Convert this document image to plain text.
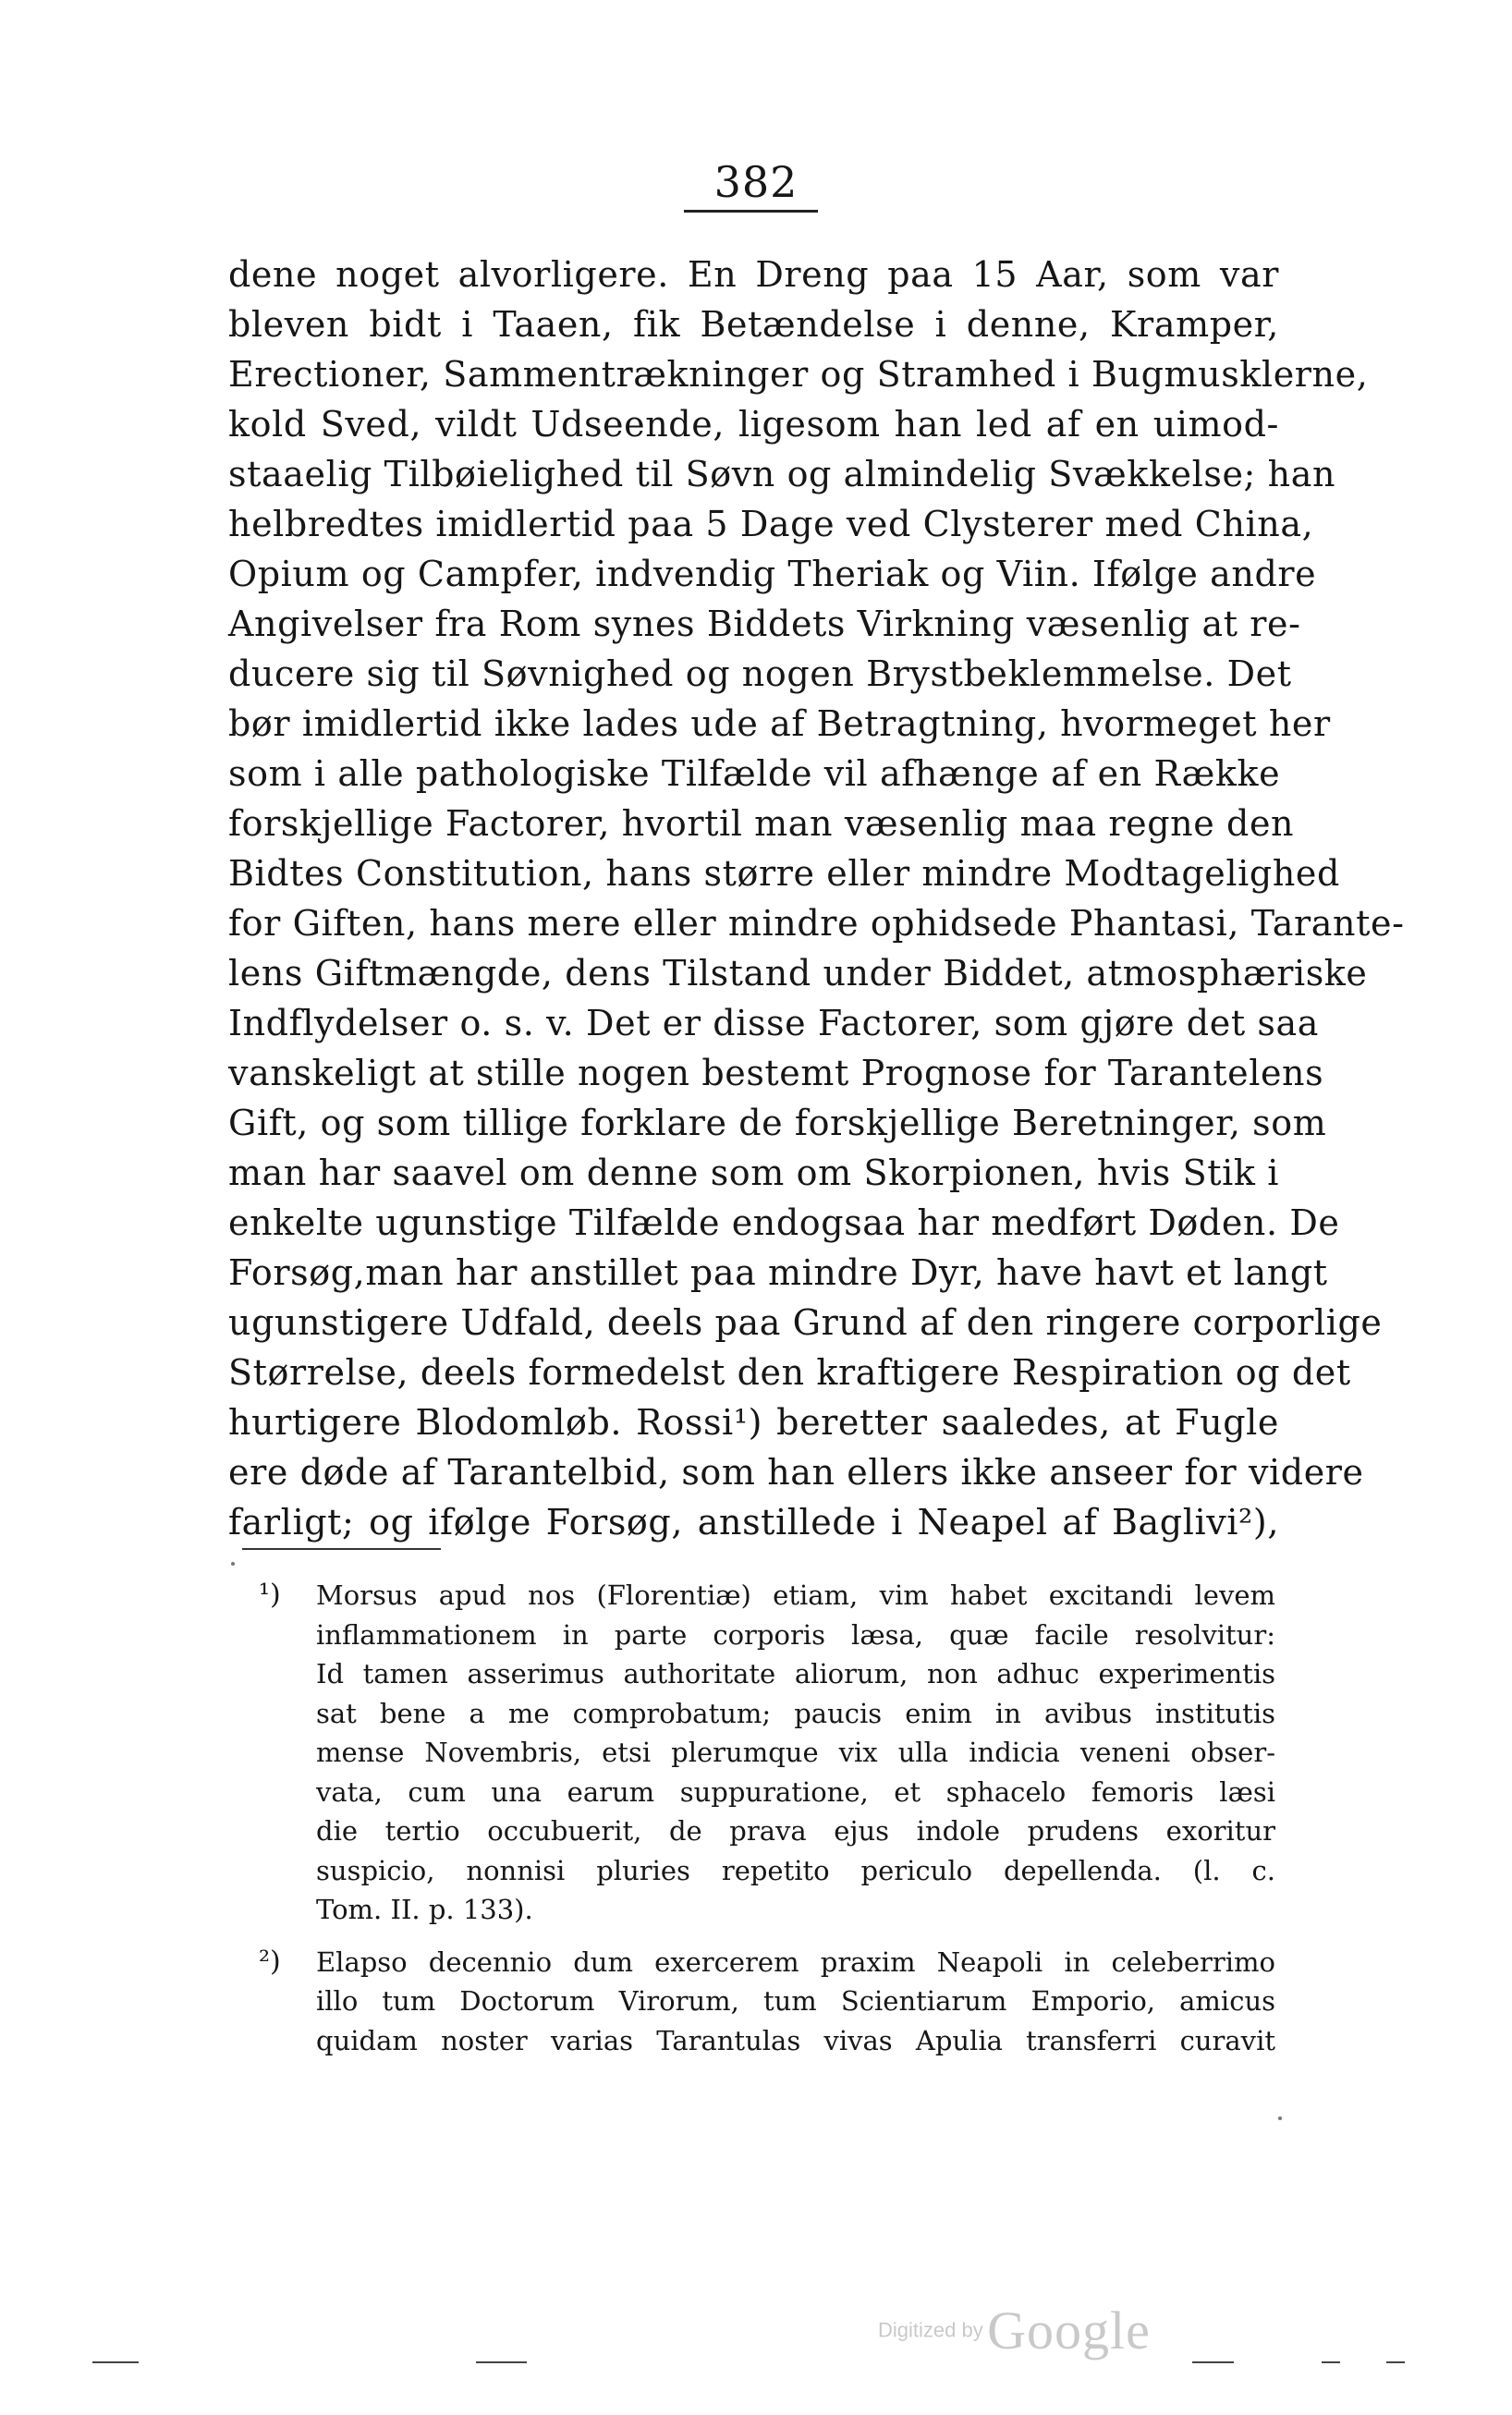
382
dene noget alvorligere. En Dreng paa 15 Aar, som var
bleven bidt i Taaen, fik Betændelse i denne, Kramper,
Erectioner, Sammentrækninger og Stramhed i Bugmusklerne,
kold Sved, vildt Udseende, ligesom han led af en uimod-
staaelig Tilbøielighed til Søvn og almindelig Svækkelse; han
helbredtes imidlertid paa 5 Dage ved Clysterer med China,
Opium og Campfer, indvendig Theriak og Viin. Ifølge andre
Angivelser fra Rom synes Biddets Virkning væsenlig at re-
ducere sig til Søvnighed og nogen Brystbeklemmelse. Det
bør imidlertid ikke lades ude af Betragtning, hvormeget her
som i alle pathologiske Tilfælde vil afhænge af en Række
forskjellige Factorer, hvortil man væsenlig maa regne den
Bidtes Constitution, hans større eller mindre Modtagelighed
for Giften, hans mere eller mindre ophidsede Phantasi, Tarante-
lens Giftmængde, dens Tilstand under Biddet, atmosphæriske
Indflydelser o. s. v. Det er disse Factorer, som gjøre det saa
vanskeligt at stille nogen bestemt Prognose for Tarantelens
Gift, og som tillige forklare de forskjellige Beretninger, som
man har saavel om denne som om Skorpionen, hvis Stik i
enkelte ugunstige Tilfælde endogsaa har medført Døden. De
Forsøg,man har anstillet paa mindre Dyr, have havt et langt
ugunstigere Udfald, deels paa Grund af den ringere corporlige
Størrelse, deels formedelst den kraftigere Respiration og det
hurtigere Blodomløb. Rossi¹) beretter saaledes, at Fugle
ere døde af Tarantelbid, som han ellers ikke anseer for videre
farligt; og ifølge Forsøg, anstillede i Neapel af Baglivi²),
¹) Morsus apud nos (Florentiæ) etiam, vim habet excitandi levem
inflammationem in parte corporis læsa, quæ facile resolvitur:
Id tamen asserimus authoritate aliorum, non adhuc experimentis
sat bene a me comprobatum; paucis enim in avibus institutis
mense Novembris, etsi plerumque vix ulla indicia veneni obser-
vata, cum una earum suppuratione, et sphacelo femoris læsi
die tertio occubuerit, de prava ejus indole prudens exoritur
suspicio, nonnisi pluries repetito periculo depellenda. (l. c.
Tom. II. p. 133).
²) Elapso decennio dum exercerem praxim Neapoli in celeberrimo
illo tum Doctorum Virorum, tum Scientiarum Emporio, amicus
quidam noster varias Tarantulas vivas Apulia transferri curavit
Digitized by Google
